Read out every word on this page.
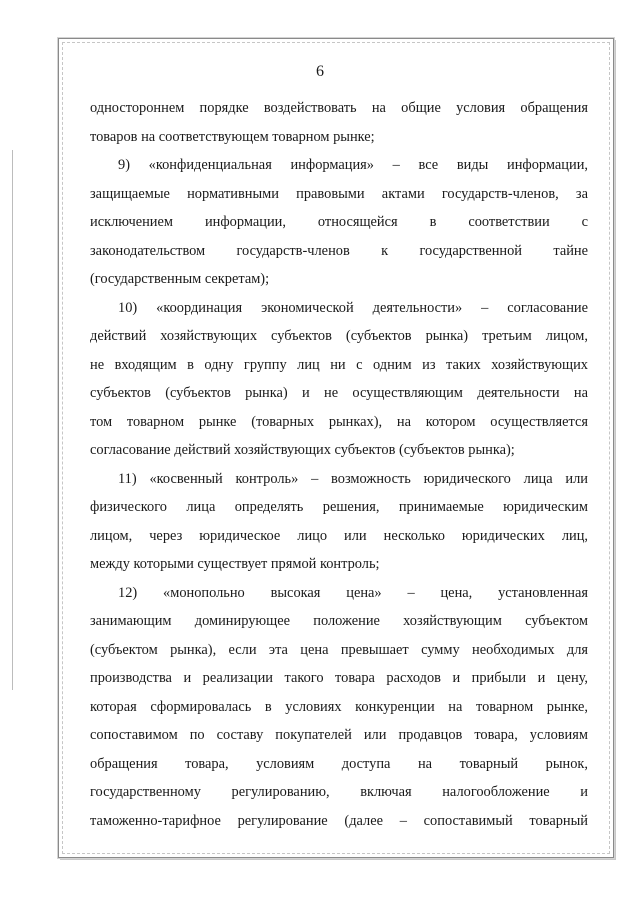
6
одностороннем порядке воздействовать на общие условия обращения
товаров на соответствующем товарном рынке;
9) «конфиденциальная информация» – все виды информации,
защищаемые нормативными правовыми актами государств-членов, за
исключением информации, относящейся в соответствии с
законодательством государств-членов к государственной тайне
(государственным секретам);
10) «координация экономической деятельности» – согласование
действий хозяйствующих субъектов (субъектов рынка) третьим лицом,
не входящим в одну группу лиц ни с одним из таких хозяйствующих
субъектов (субъектов рынка) и не осуществляющим деятельности на
том товарном рынке (товарных рынках), на котором осуществляется
согласование действий хозяйствующих субъектов (субъектов рынка);
11) «косвенный контроль» – возможность юридического лица или
физического лица определять решения, принимаемые юридическим
лицом, через юридическое лицо или несколько юридических лиц,
между которыми существует прямой контроль;
12) «монопольно высокая цена» – цена, установленная
занимающим доминирующее положение хозяйствующим субъектом
(субъектом рынка), если эта цена превышает сумму необходимых для
производства и реализации такого товара расходов и прибыли и цену,
которая сформировалась в условиях конкуренции на товарном рынке,
сопоставимом по составу покупателей или продавцов товара, условиям
обращения товара, условиям доступа на товарный рынок,
государственному регулированию, включая налогообложение и
таможенно-тарифное регулирование (далее – сопоставимый товарный
